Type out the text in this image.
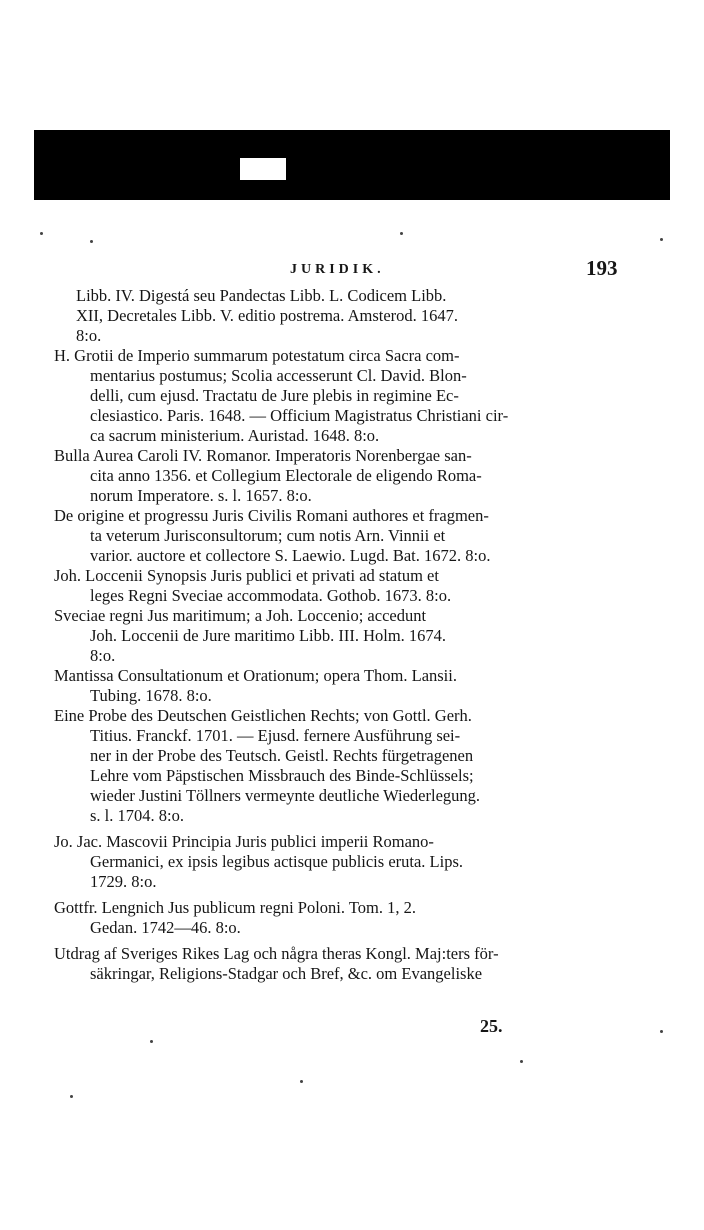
JURIDIK.	193
Libb. IV. Digestá seu Pandectas Libb. L. Codicem Libb.
XII, Decretales Libb. V. editio postrema. Amsterod. 1647.
8:o.
H. Grotii de Imperio summarum potestatum circa Sacra com-
mentarius postumus; Scolia accesserunt Cl. David. Blon-
delli, cum ejusd. Tractatu de Jure plebis in regimine Ec-
clesiastico. Paris. 1648. — Officium Magistratus Christiani cir-
ca sacrum ministerium. Auristad. 1648. 8:o.
Bulla Aurea Caroli IV. Romanor. Imperatoris Norenbergae san-
cita anno 1356. et Collegium Electorale de eligendo Roma-
norum Imperatore. s. l. 1657. 8:o.
De origine et progressu Juris Civilis Romani authores et fragmen-
ta veterum Jurisconsultorum; cum notis Arn. Vinnii et
varior. auctore et collectore S. Laewio. Lugd. Bat. 1672. 8:o.
Joh. Loccenii Synopsis Juris publici et privati ad statum et
leges Regni Sveciae accommodata. Gothob. 1673. 8:o.
Sveciae regni Jus maritimum; a Joh. Loccenio; accedunt
Joh. Loccenii de Jure maritimo Libb. III. Holm. 1674.
8:o.
Mantissa Consultationum et Orationum; opera Thom. Lansii.
Tubing. 1678. 8:o.
Eine Probe des Deutschen Geistlichen Rechts; von Gottl. Gerh.
Titius. Franckf. 1701. — Ejusd. fernere Ausführung sei-
ner in der Probe des Teutsch. Geistl. Rechts fürgetragenen
Lehre vom Päpstischen Missbrauch des Binde-Schlüssels;
wieder Justini Töllners vermeynte deutliche Wiederlegung.
s. l. 1704. 8:o.
Jo. Jac. Mascovii Principia Juris publici imperii Romano-
Germanici, ex ipsis legibus actisque publicis eruta. Lips.
1729. 8:o.
Gottfr. Lengnich Jus publicum regni Poloni. Tom. 1, 2.
Gedan. 1742—46. 8:o.
Utdrag af Sveriges Rikes Lag och några theras Kongl. Maj:ters för-
säkringar, Religions-Stadgar och Bref, &c. om Evangeliske
25.
